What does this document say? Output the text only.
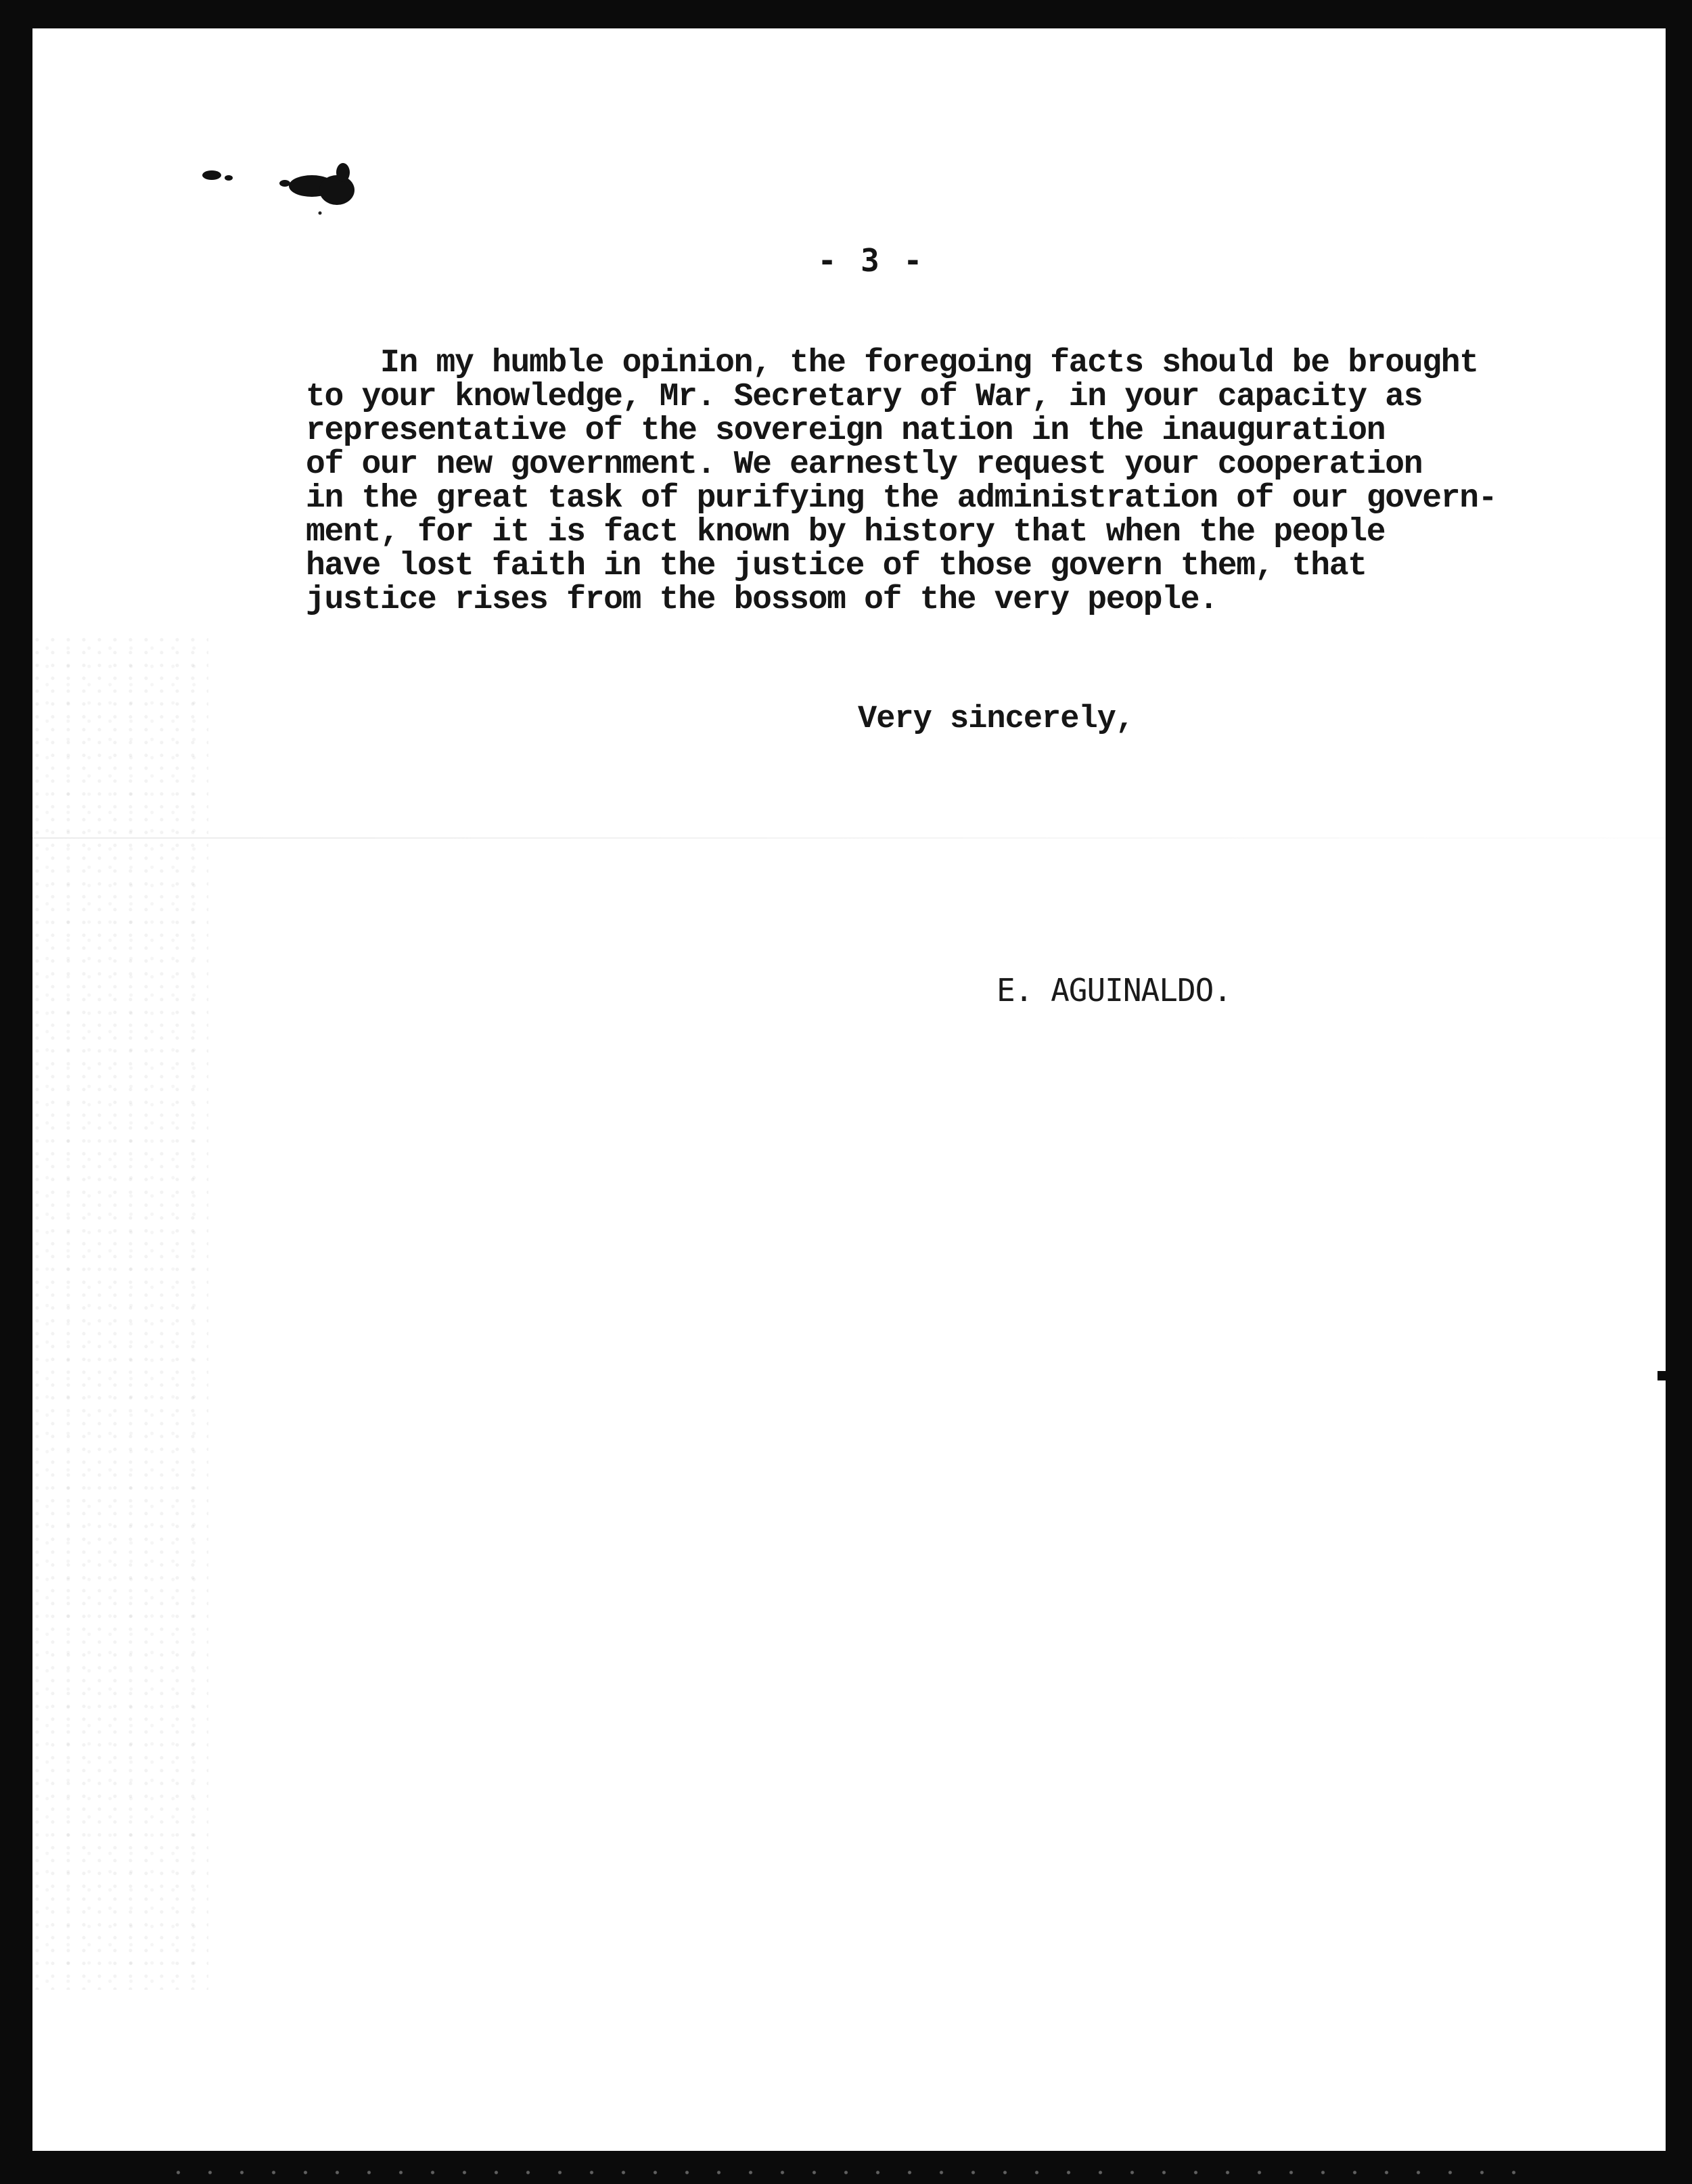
- 3 -
In my humble opinion, the foregoing facts should be brought
to your knowledge, Mr. Secretary of War, in your capacity as
representative of the sovereign nation in the inauguration
of our new government. We earnestly request your cooperation
in the great task of purifying the administration of our govern-
ment, for it is fact known by history that when the people
have lost faith in the justice of those govern them, that
justice rises from the bossom of the very people.
Very sincerely,
E. AGUINALDO.
